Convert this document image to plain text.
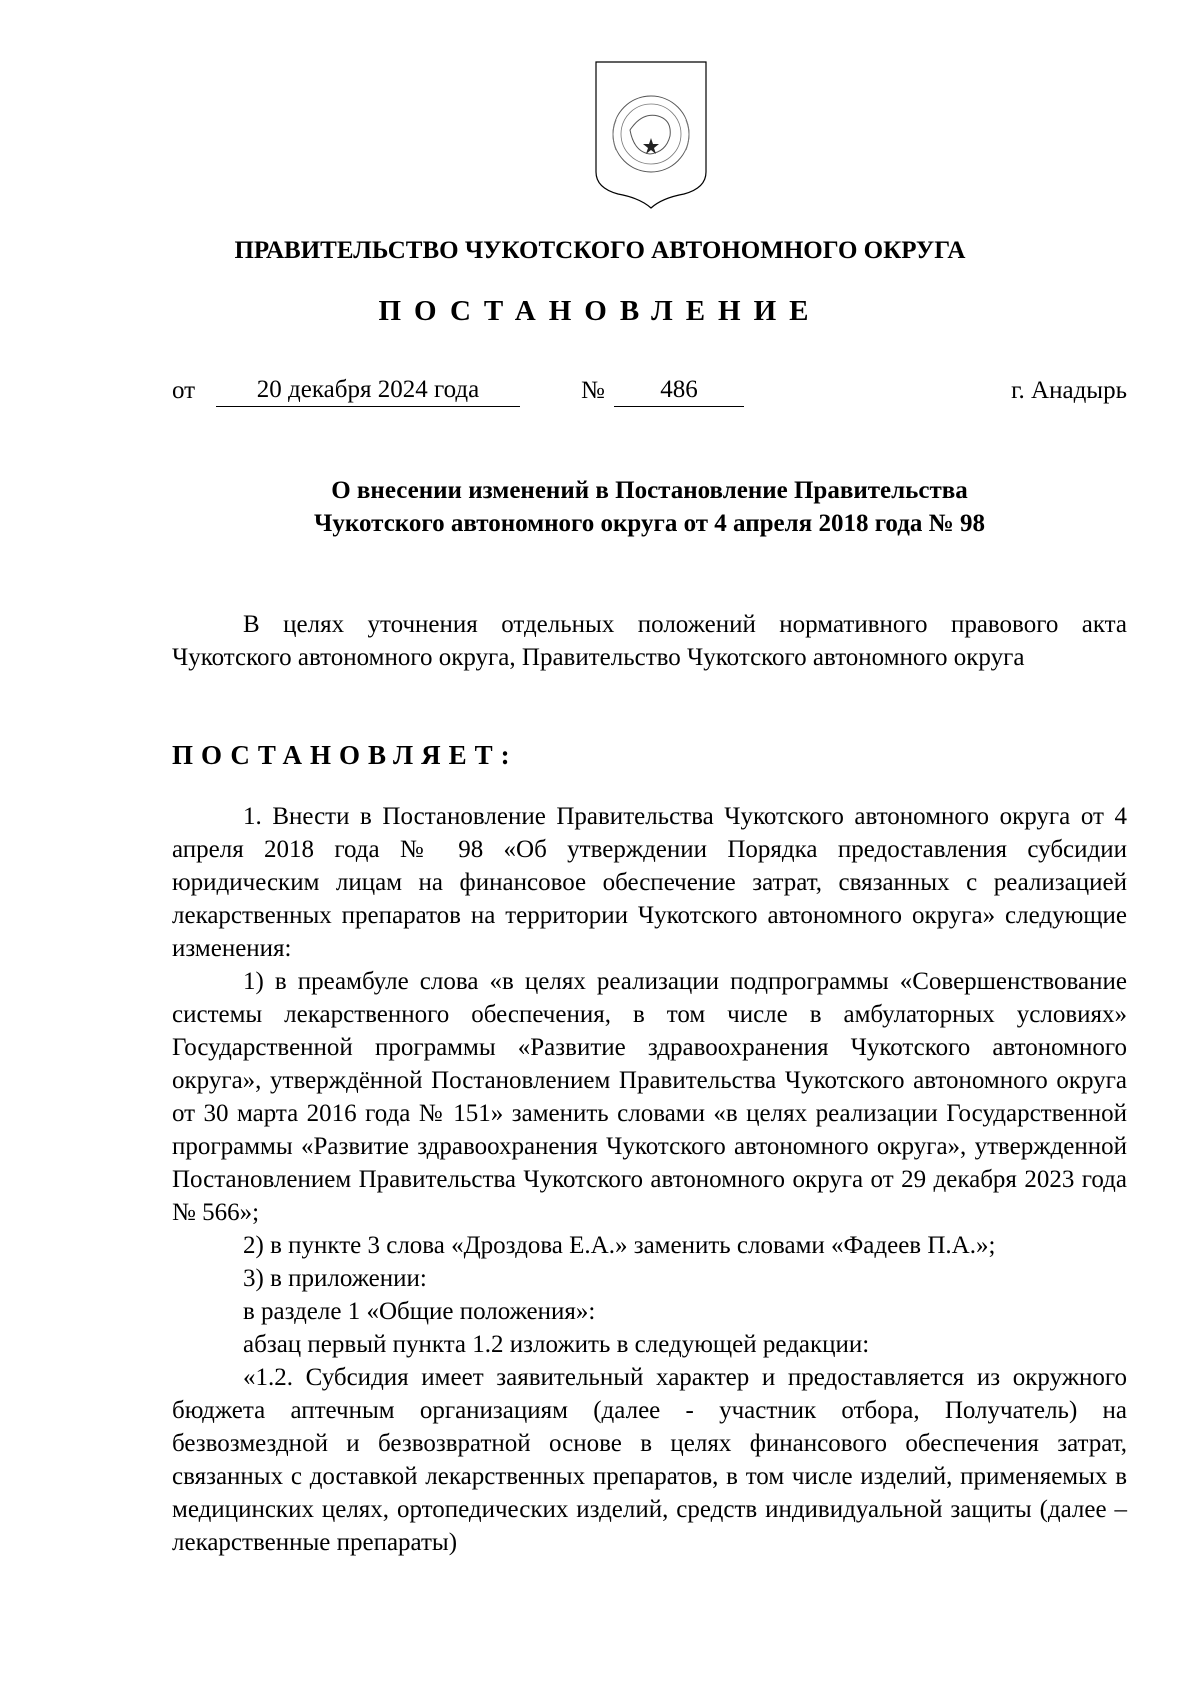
ПРАВИТЕЛЬСТВО ЧУКОТСКОГО АВТОНОМНОГО ОКРУГА
ПОСТАНОВЛЕНИЕ
от	20 декабря 2024 года	№	486	г. Анадырь
О внесении изменений в Постановление Правительства
Чукотского автономного округа от 4 апреля 2018 года № 98

В целях уточнения отдельных положений нормативного правового акта Чукотского автономного округа, Правительство Чукотского автономного округа

ПОСТАНОВЛЯЕТ:

1. Внести в Постановление Правительства Чукотского автономного округа от 4 апреля 2018 года № 98 «Об утверждении Порядка предоставления субсидии юридическим лицам на финансовое обеспечение затрат, связанных с реализацией лекарственных препаратов на территории Чукотского автономного округа» следующие изменения:

1) в преамбуле слова «в целях реализации подпрограммы «Совершенствование системы лекарственного обеспечения, в том числе в амбулаторных условиях» Государственной программы «Развитие здравоохранения Чукотского автономного округа», утверждённой Постановлением Правительства Чукотского автономного округа от 30 марта 2016 года № 151» заменить словами «в целях реализации Государственной программы «Развитие здравоохранения Чукотского автономного округа», утвержденной Постановлением Правительства Чукотского автономного округа от 29 декабря 2023 года № 566»;

2) в пункте 3 слова «Дроздова Е.А.» заменить словами «Фадеев П.А.»;

3) в приложении:

в разделе 1 «Общие положения»:

абзац первый пункта 1.2 изложить в следующей редакции:

«1.2. Субсидия имеет заявительный характер и предоставляется из окружного бюджета аптечным организациям (далее - участник отбора, Получатель) на безвозмездной и безвозвратной основе в целях финансового обеспечения затрат, связанных с доставкой лекарственных препаратов, в том числе изделий, применяемых в медицинских целях, ортопедических изделий, средств индивидуальной защиты (далее – лекарственные препараты)
